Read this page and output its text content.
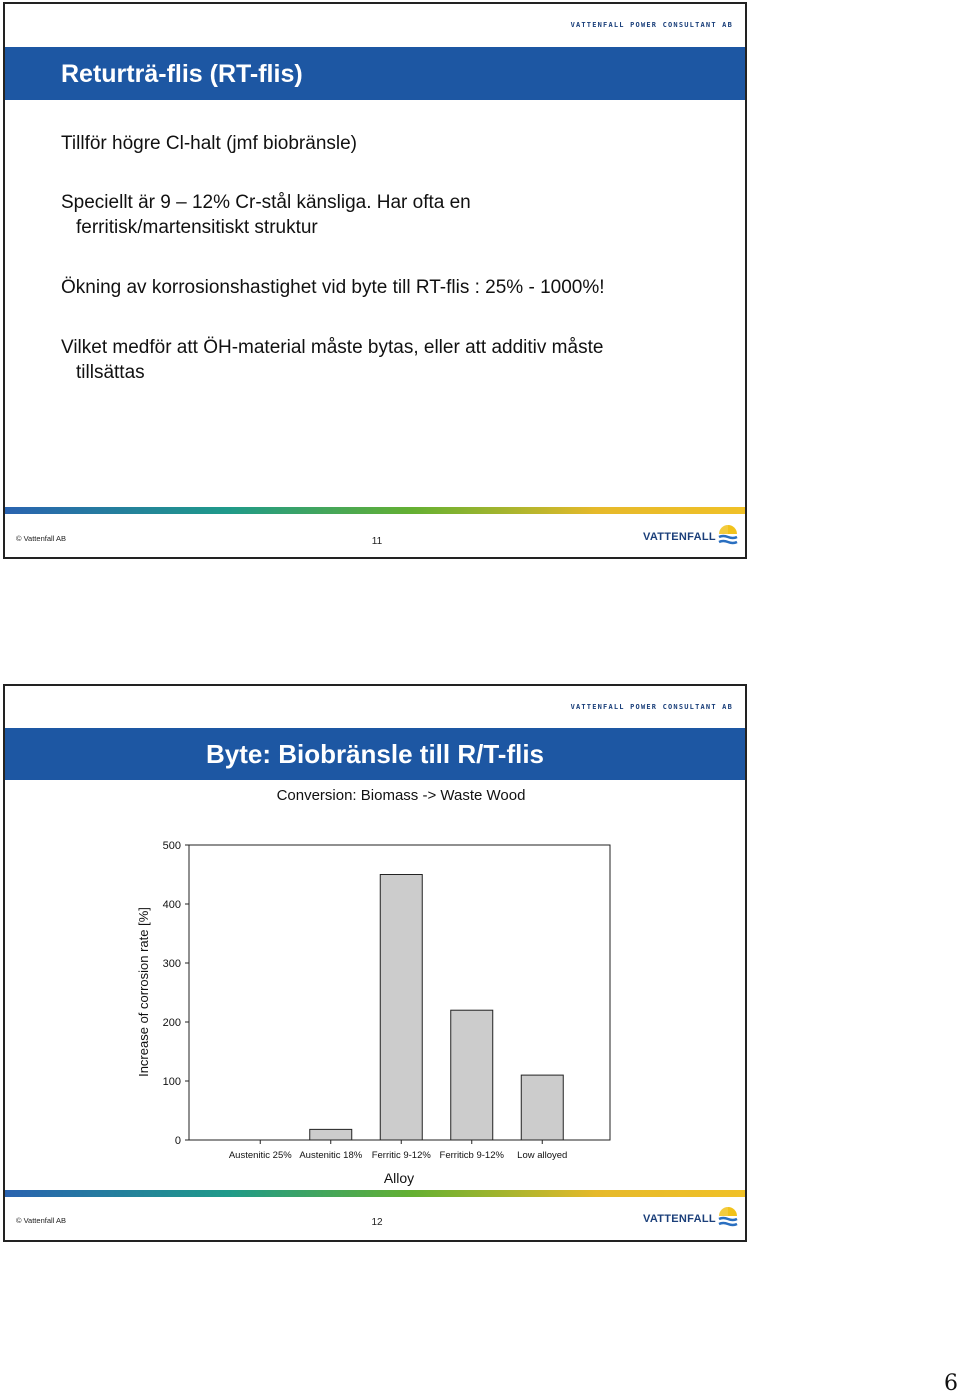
VATTENFALL POWER CONSULTANT AB
Returträ-flis (RT-flis)

Tillför högre Cl-halt (jmf biobränsle)

Speciellt är 9 – 12% Cr-stål känsliga. Har ofta en
ferritisk/martensitiskt struktur

Ökning av korrosionshastighet vid byte till RT-flis : 25% - 1000%!

Vilket medför att ÖH-material måste bytas, eller att additiv måste
tillsättas

© Vattenfall AB	11	VATTENFALL
VATTENFALL POWER CONSULTANT AB
Byte: Biobränsle till R/T-flis
Conversion: Biomass -> Waste Wood
0
100
200
300
400
500
Austenitic 25% Austenitic 18% Ferritic 9-12% Ferriticb 9-12% Low alloyed
Alloy
Increase of corrosion rate [%]
© Vattenfall AB	12	VATTENFALL
6
